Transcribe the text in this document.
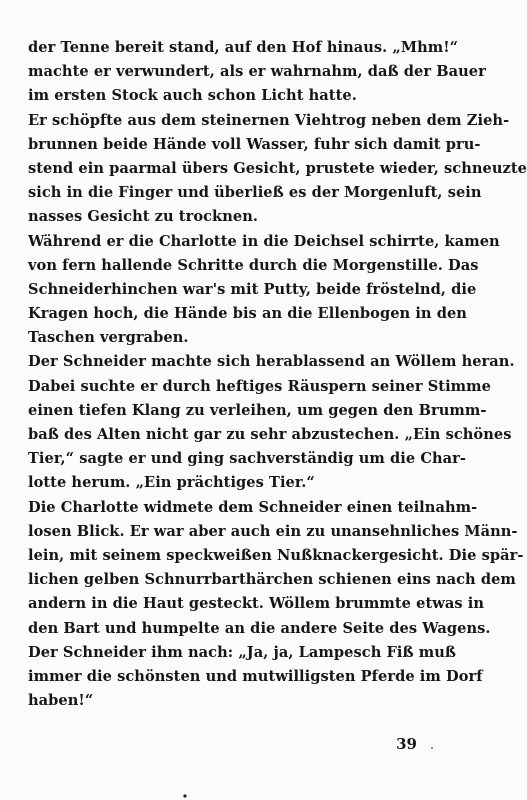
der Tenne bereit stand, auf den Hof hinaus. „Mhm!“
machte er verwundert, als er wahrnahm, daß der Bauer
im ersten Stock auch schon Licht hatte.
Er schöpfte aus dem steinernen Viehtrog neben dem Zieh-
brunnen beide Hände voll Wasser, fuhr sich damit pru-
stend ein paarmal übers Gesicht, prustete wieder, schneuzte
sich in die Finger und überließ es der Morgenluft, sein
nasses Gesicht zu trocknen.
Während er die Charlotte in die Deichsel schirrte, kamen
von fern hallende Schritte durch die Morgenstille. Das
Schneiderhinchen war's mit Putty, beide fröstelnd, die
Kragen hoch, die Hände bis an die Ellenbogen in den
Taschen vergraben.
Der Schneider machte sich herablassend an Wöllem heran.
Dabei suchte er durch heftiges Räuspern seiner Stimme
einen tiefen Klang zu verleihen, um gegen den Brumm-
baß des Alten nicht gar zu sehr abzustechen. „Ein schönes
Tier,“ sagte er und ging sachverständig um die Char-
lotte herum. „Ein prächtiges Tier.“
Die Charlotte widmete dem Schneider einen teilnahm-
losen Blick. Er war aber auch ein zu unansehnliches Männ-
lein, mit seinem speckweißen Nußknackergesicht. Die spär-
lichen gelben Schnurrbarthärchen schienen eins nach dem
andern in die Haut gesteckt. Wöllem brummte etwas in
den Bart und humpelte an die andere Seite des Wagens.
Der Schneider ihm nach: „Ja, ja, Lampesch Fiß muß
immer die schönsten und mutwilligsten Pferde im Dorf
haben!“
39
